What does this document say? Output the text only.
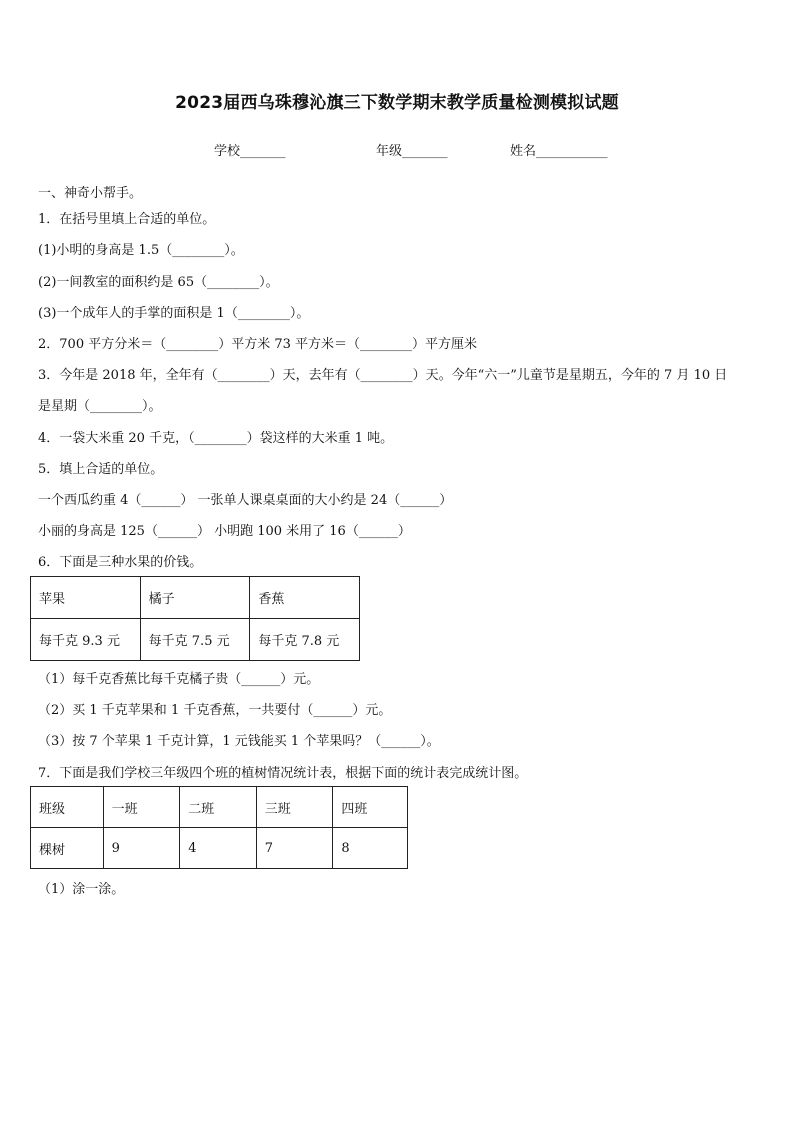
2023届西乌珠穆沁旗三下数学期末教学质量检测模拟试题
学校_______	年级_______	姓名___________
一、神奇小帮手。
1．在括号里填上合适的单位。
(1)小明的身高是 1.5（________）。
(2)一间教室的面积约是 65（________）。
(3)一个成年人的手掌的面积是 1（________）。
2．700 平方分米＝（________）平方米 73 平方米＝（________）平方厘米
3．今年是 2018 年，全年有（________）天，去年有（________）天。今年“六一”儿童节是星期五，今年的 7 月 10 日
是星期（________）。
4．一袋大米重 20 千克，（________）袋这样的大米重 1 吨。
5．填上合适的单位。
一个西瓜约重 4（______） 一张单人课桌桌面的大小约是 24（______）
小丽的身高是 125（______） 小明跑 100 米用了 16（______）
6．下面是三种水果的价钱。
苹果	橘子	香蕉
每千克 9.3 元	每千克 7.5 元	每千克 7.8 元
（1）每千克香蕉比每千克橘子贵（______）元。
（2）买 1 千克苹果和 1 千克香蕉，一共要付（______）元。
（3）按 7 个苹果 1 千克计算，1 元钱能买 1 个苹果吗？（______）。
7．下面是我们学校三年级四个班的植树情况统计表，根据下面的统计表完成统计图。
班级	一班	二班	三班	四班
棵树	9	4	7	8
（1）涂一涂。
